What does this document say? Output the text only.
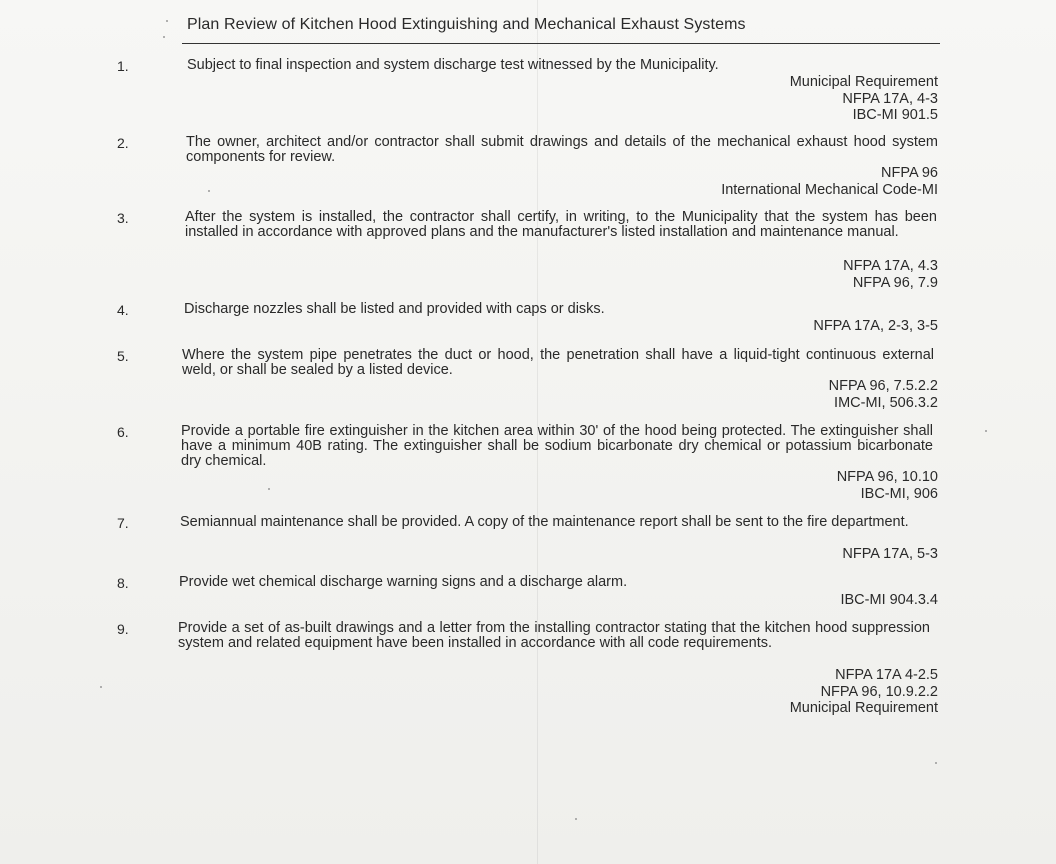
Plan Review of Kitchen Hood Extinguishing and Mechanical Exhaust Systems
1.	Subject to final inspection and system discharge test witnessed by the Municipality.
Municipal Requirement
NFPA 17A, 4-3
IBC-MI 901.5
2.	The owner, architect and/or contractor shall submit drawings and details of the mechanical exhaust hood system components for review.
NFPA 96
International Mechanical Code-MI
3.	After the system is installed, the contractor shall certify, in writing, to the Municipality that the system has been installed in accordance with approved plans and the manufacturer's listed installation and maintenance manual.
NFPA 17A, 4.3
NFPA 96, 7.9
4.	Discharge nozzles shall be listed and provided with caps or disks.
NFPA 17A, 2-3, 3-5
5.	Where the system pipe penetrates the duct or hood, the penetration shall have a liquid-tight continuous external weld, or shall be sealed by a listed device.
NFPA 96, 7.5.2.2
IMC-MI, 506.3.2
6.	Provide a portable fire extinguisher in the kitchen area within 30' of the hood being protected. The extinguisher shall have a minimum 40B rating. The extinguisher shall be sodium bicarbonate dry chemical or potassium bicarbonate dry chemical.
NFPA 96, 10.10
IBC-MI, 906
7.	Semiannual maintenance shall be provided. A copy of the maintenance report shall be sent to the fire department.
NFPA 17A, 5-3
8.	Provide wet chemical discharge warning signs and a discharge alarm.
IBC-MI 904.3.4
9.	Provide a set of as-built drawings and a letter from the installing contractor stating that the kitchen hood suppression system and related equipment have been installed in accordance with all code requirements.
NFPA 17A 4-2.5
NFPA 96, 10.9.2.2
Municipal Requirement
